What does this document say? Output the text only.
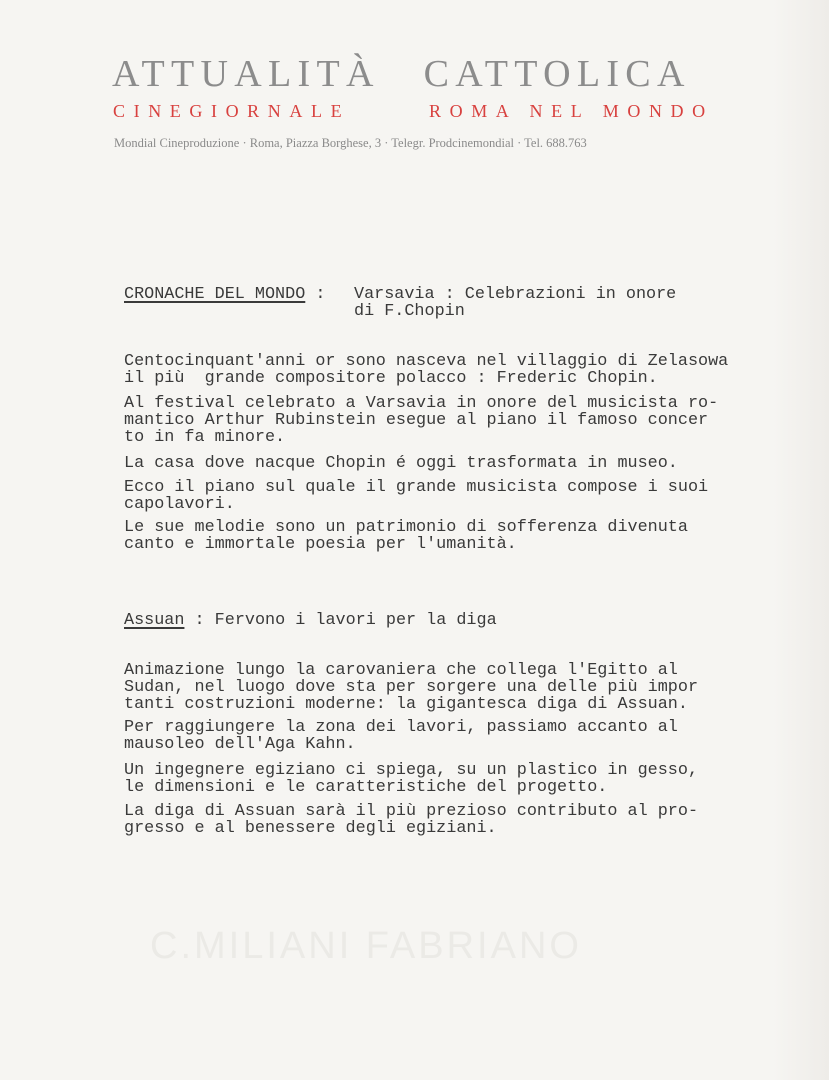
C.MILIANI FABRIANO
ATTUALITÀ CATTOLICA
CINEGIORNALE	ROMA NEL MONDO
Mondial Cineproduzione · Roma, Piazza Borghese, 3 · Telegr. Prodcinemondial · Tel. 688.763
CRONACHE DEL MONDO : Varsavia : Celebrazioni in onore
di F.Chopin
Centocinquant'anni or sono nasceva nel villaggio di Zelasowa
il più  grande compositore polacco : Frederic Chopin.
Al festival celebrato a Varsavia in onore del musicista ro-
mantico Arthur Rubinstein esegue al piano il famoso concer
to in fa minore.
La casa dove nacque Chopin é oggi trasformata in museo.
Ecco il piano sul quale il grande musicista compose i suoi
capolavori.
Le sue melodie sono un patrimonio di sofferenza divenuta
canto e immortale poesia per l'umanità.
Assuan : Fervono i lavori per la diga
Animazione lungo la carovaniera che collega l'Egitto al
Sudan, nel luogo dove sta per sorgere una delle più impor
tanti costruzioni moderne: la gigantesca diga di Assuan.
Per raggiungere la zona dei lavori, passiamo accanto al
mausoleo dell'Aga Kahn.
Un ingegnere egiziano ci spiega, su un plastico in gesso,
le dimensioni e le caratteristiche del progetto.
La diga di Assuan sarà il più prezioso contributo al pro-
gresso e al benessere degli egiziani.
